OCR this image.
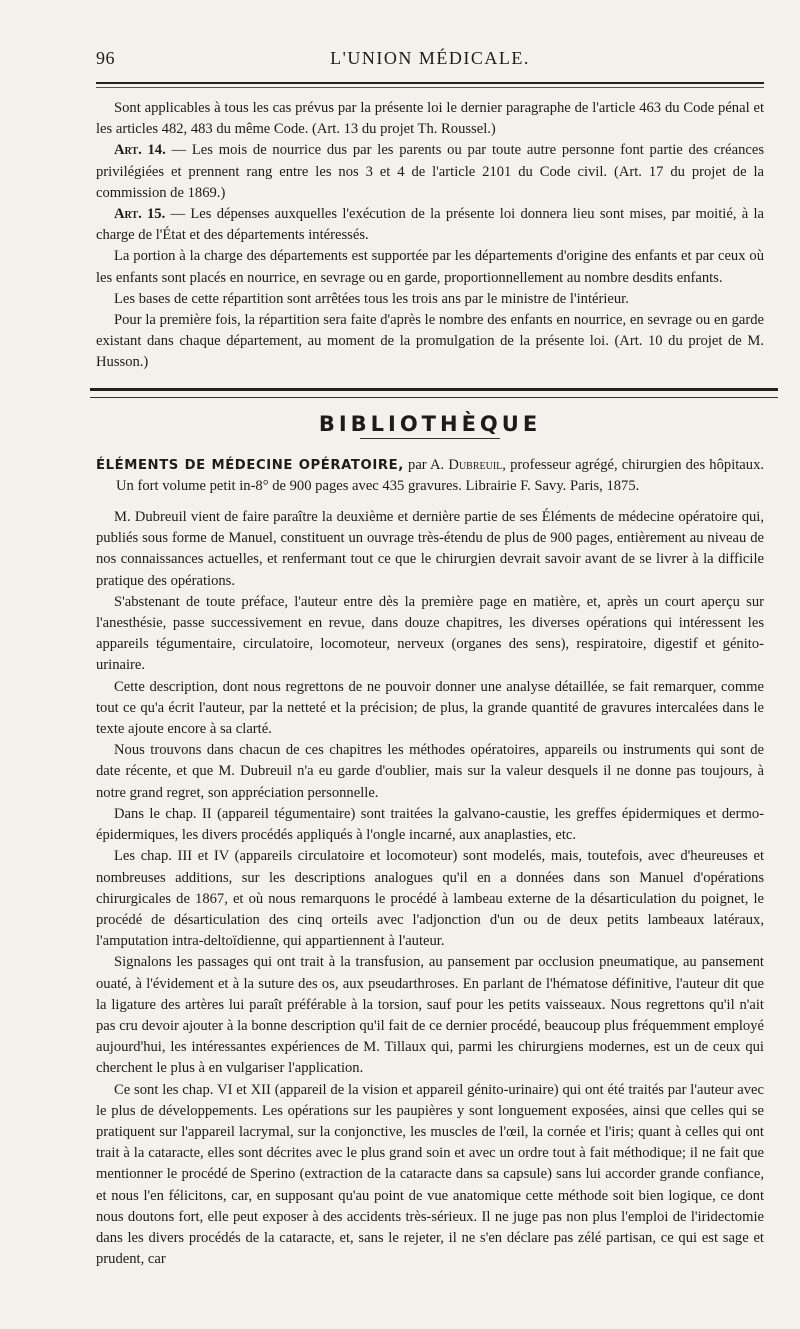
96	L'UNION MÉDICALE.

Sont applicables à tous les cas prévus par la présente loi le dernier paragraphe de l'article 463 du Code pénal et les articles 482, 483 du même Code. (Art. 13 du projet Th. Roussel.)

Art. 14. — Les mois de nourrice dus par les parents ou par toute autre personne font partie des créances privilégiées et prennent rang entre les nos 3 et 4 de l'article 2101 du Code civil. (Art. 17 du projet de la commission de 1869.)

Art. 15. — Les dépenses auxquelles l'exécution de la présente loi donnera lieu sont mises, par moitié, à la charge de l'État et des départements intéressés.

La portion à la charge des départements est supportée par les départements d'origine des enfants et par ceux où les enfants sont placés en nourrice, en sevrage ou en garde, proportionnellement au nombre desdits enfants.

Les bases de cette répartition sont arrêtées tous les trois ans par le ministre de l'intérieur.

Pour la première fois, la répartition sera faite d'après le nombre des enfants en nourrice, en sevrage ou en garde existant dans chaque département, au moment de la promulgation de la présente loi. (Art. 10 du projet de M. Husson.)

BIBLIOTHÈQUE

ÉLÉMENTS DE MÉDECINE OPÉRATOIRE, par A. Dubreuil, professeur agrégé, chirurgien des hôpitaux. Un fort volume petit in-8° de 900 pages avec 435 gravures. Librairie F. Savy. Paris, 1875.

M. Dubreuil vient de faire paraître la deuxième et dernière partie de ses Éléments de médecine opératoire qui, publiés sous forme de Manuel, constituent un ouvrage très-étendu de plus de 900 pages, entièrement au niveau de nos connaissances actuelles, et renfermant tout ce que le chirurgien devrait savoir avant de se livrer à la difficile pratique des opérations.

S'abstenant de toute préface, l'auteur entre dès la première page en matière, et, après un court aperçu sur l'anesthésie, passe successivement en revue, dans douze chapitres, les diverses opérations qui intéressent les appareils tégumentaire, circulatoire, locomoteur, nerveux (organes des sens), respiratoire, digestif et génito-urinaire.

Cette description, dont nous regrettons de ne pouvoir donner une analyse détaillée, se fait remarquer, comme tout ce qu'a écrit l'auteur, par la netteté et la précision; de plus, la grande quantité de gravures intercalées dans le texte ajoute encore à sa clarté.

Nous trouvons dans chacun de ces chapitres les méthodes opératoires, appareils ou instruments qui sont de date récente, et que M. Dubreuil n'a eu garde d'oublier, mais sur la valeur desquels il ne donne pas toujours, à notre grand regret, son appréciation personnelle.

Dans le chap. II (appareil tégumentaire) sont traitées la galvano-caustie, les greffes épidermiques et dermo-épidermiques, les divers procédés appliqués à l'ongle incarné, aux anaplasties, etc.

Les chap. III et IV (appareils circulatoire et locomoteur) sont modelés, mais, toutefois, avec d'heureuses et nombreuses additions, sur les descriptions analogues qu'il en a données dans son Manuel d'opérations chirurgicales de 1867, et où nous remarquons le procédé à lambeau externe de la désarticulation du poignet, le procédé de désarticulation des cinq orteils avec l'adjonction d'un ou de deux petits lambeaux latéraux, l'amputation intra-deltoïdienne, qui appartiennent à l'auteur.

Signalons les passages qui ont trait à la transfusion, au pansement par occlusion pneumatique, au pansement ouaté, à l'évidement et à la suture des os, aux pseudarthroses. En parlant de l'hématose définitive, l'auteur dit que la ligature des artères lui paraît préférable à la torsion, sauf pour les petits vaisseaux. Nous regrettons qu'il n'ait pas cru devoir ajouter à la bonne description qu'il fait de ce dernier procédé, beaucoup plus fréquemment employé aujourd'hui, les intéressantes expériences de M. Tillaux qui, parmi les chirurgiens modernes, est un de ceux qui cherchent le plus à en vulgariser l'application.

Ce sont les chap. VI et XII (appareil de la vision et appareil génito-urinaire) qui ont été traités par l'auteur avec le plus de développements. Les opérations sur les paupières y sont longuement exposées, ainsi que celles qui se pratiquent sur l'appareil lacrymal, sur la conjonctive, les muscles de l'œil, la cornée et l'iris; quant à celles qui ont trait à la cataracte, elles sont décrites avec le plus grand soin et avec un ordre tout à fait méthodique; il ne fait que mentionner le procédé de Sperino (extraction de la cataracte dans sa capsule) sans lui accorder grande confiance, et nous l'en félicitons, car, en supposant qu'au point de vue anatomique cette méthode soit bien logique, ce dont nous doutons fort, elle peut exposer à des accidents très-sérieux. Il ne juge pas non plus l'emploi de l'iridectomie dans les divers procédés de la cataracte, et, sans le rejeter, il ne s'en déclare pas zélé partisan, ce qui est sage et prudent, car
